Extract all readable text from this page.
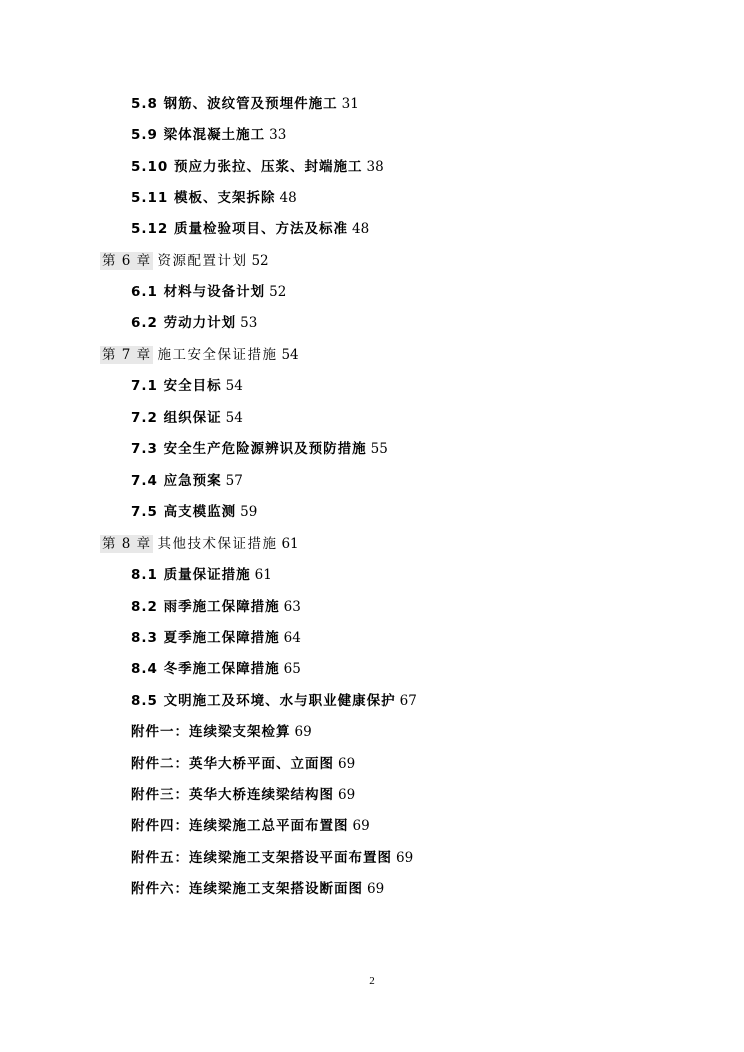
5.8 钢筋、波纹管及预埋件施工 31
5.9 梁体混凝土施工 33
5.10 预应力张拉、压浆、封端施工 38
5.11 模板、支架拆除 48
5.12 质量检验项目、方法及标准 48
第 6 章 资源配置计划 52
6.1 材料与设备计划 52
6.2 劳动力计划 53
第 7 章 施工安全保证措施 54
7.1 安全目标 54
7.2 组织保证 54
7.3 安全生产危险源辨识及预防措施 55
7.4 应急预案 57
7.5 高支模监测 59
第 8 章 其他技术保证措施 61
8.1 质量保证措施 61
8.2 雨季施工保障措施 63
8.3 夏季施工保障措施 64
8.4 冬季施工保障措施 65
8.5 文明施工及环境、水与职业健康保护 67
附件一：连续梁支架检算 69
附件二：英华大桥平面、立面图 69
附件三：英华大桥连续梁结构图 69
附件四：连续梁施工总平面布置图 69
附件五：连续梁施工支架搭设平面布置图 69
附件六：连续梁施工支架搭设断面图 69
2
